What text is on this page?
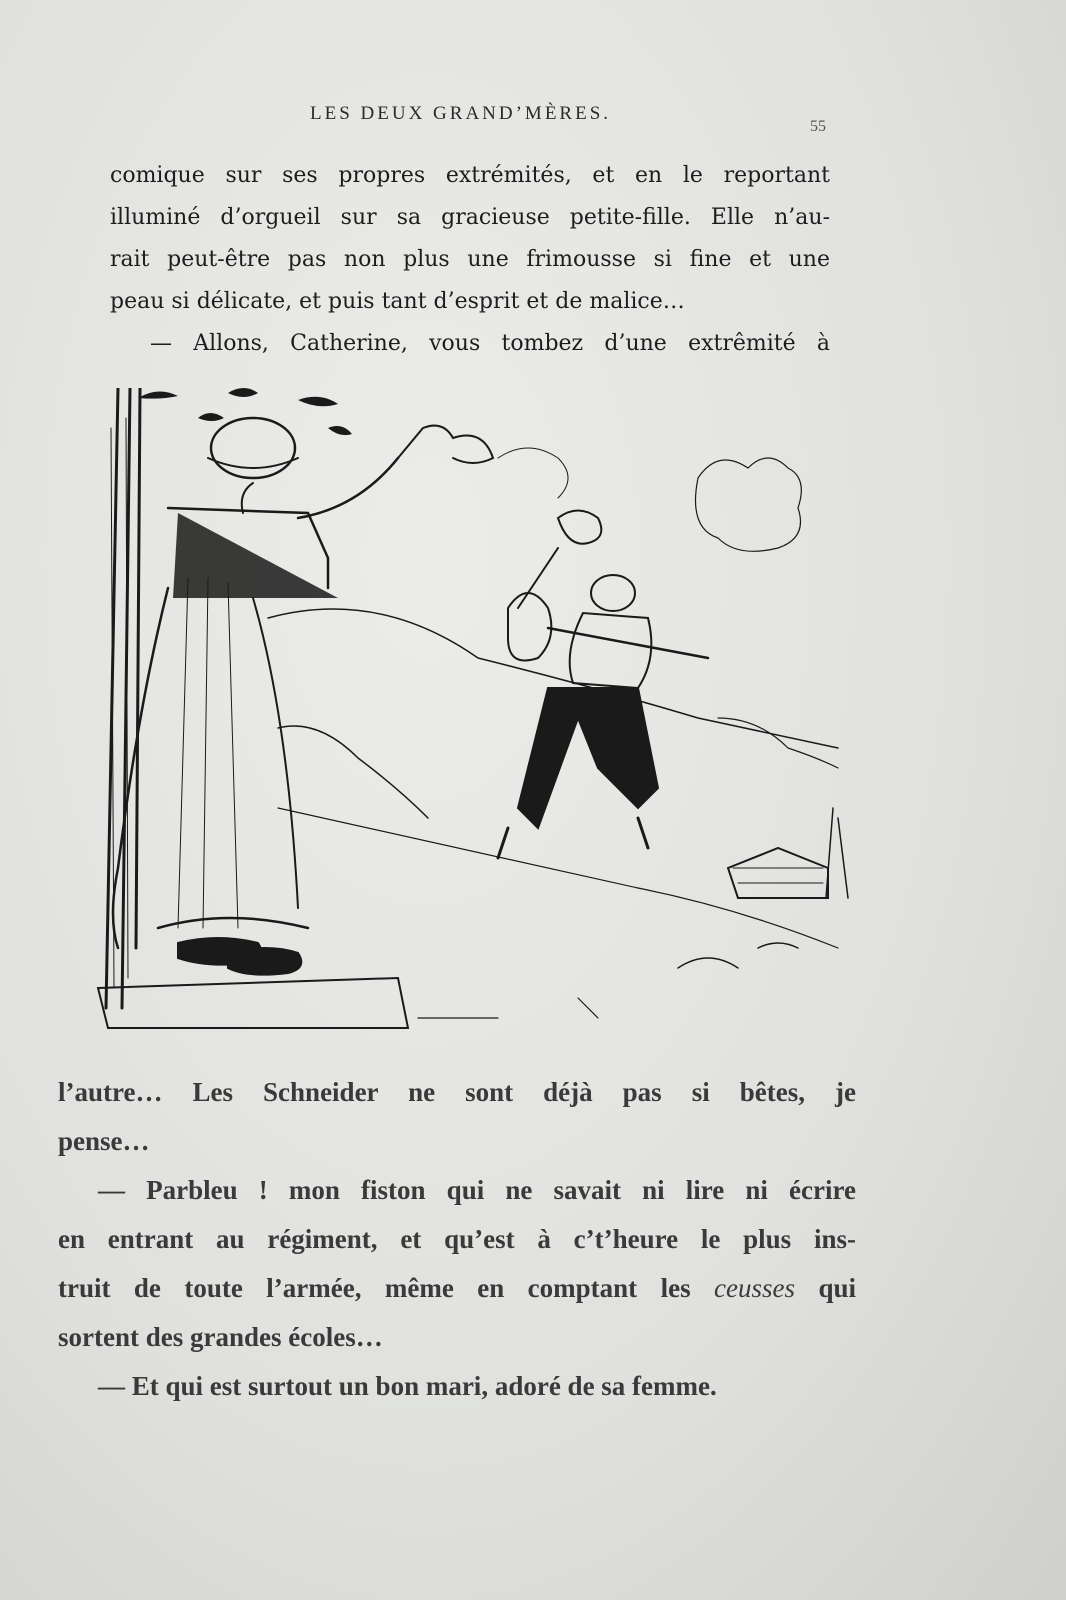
LES DEUX GRAND’MÈRES.
55
comique sur ses propres extrémités, et en le reportant
illuminé d’orgueil sur sa gracieuse petite-fille. Elle n’au-
rait peut-être pas non plus une frimousse si fine et une
peau si délicate, et puis tant d’esprit et de malice…
— Allons, Catherine, vous tombez d’une extrêmité à
l’autre… Les Schneider ne sont déjà pas si bêtes, je
pense…
— Parbleu ! mon fiston qui ne savait ni lire ni écrire
en entrant au régiment, et qu’est à c’t’heure le plus ins-
truit de toute l’armée, même en comptant les ceusses qui
sortent des grandes écoles…
— Et qui est surtout un bon mari, adoré de sa femme.
